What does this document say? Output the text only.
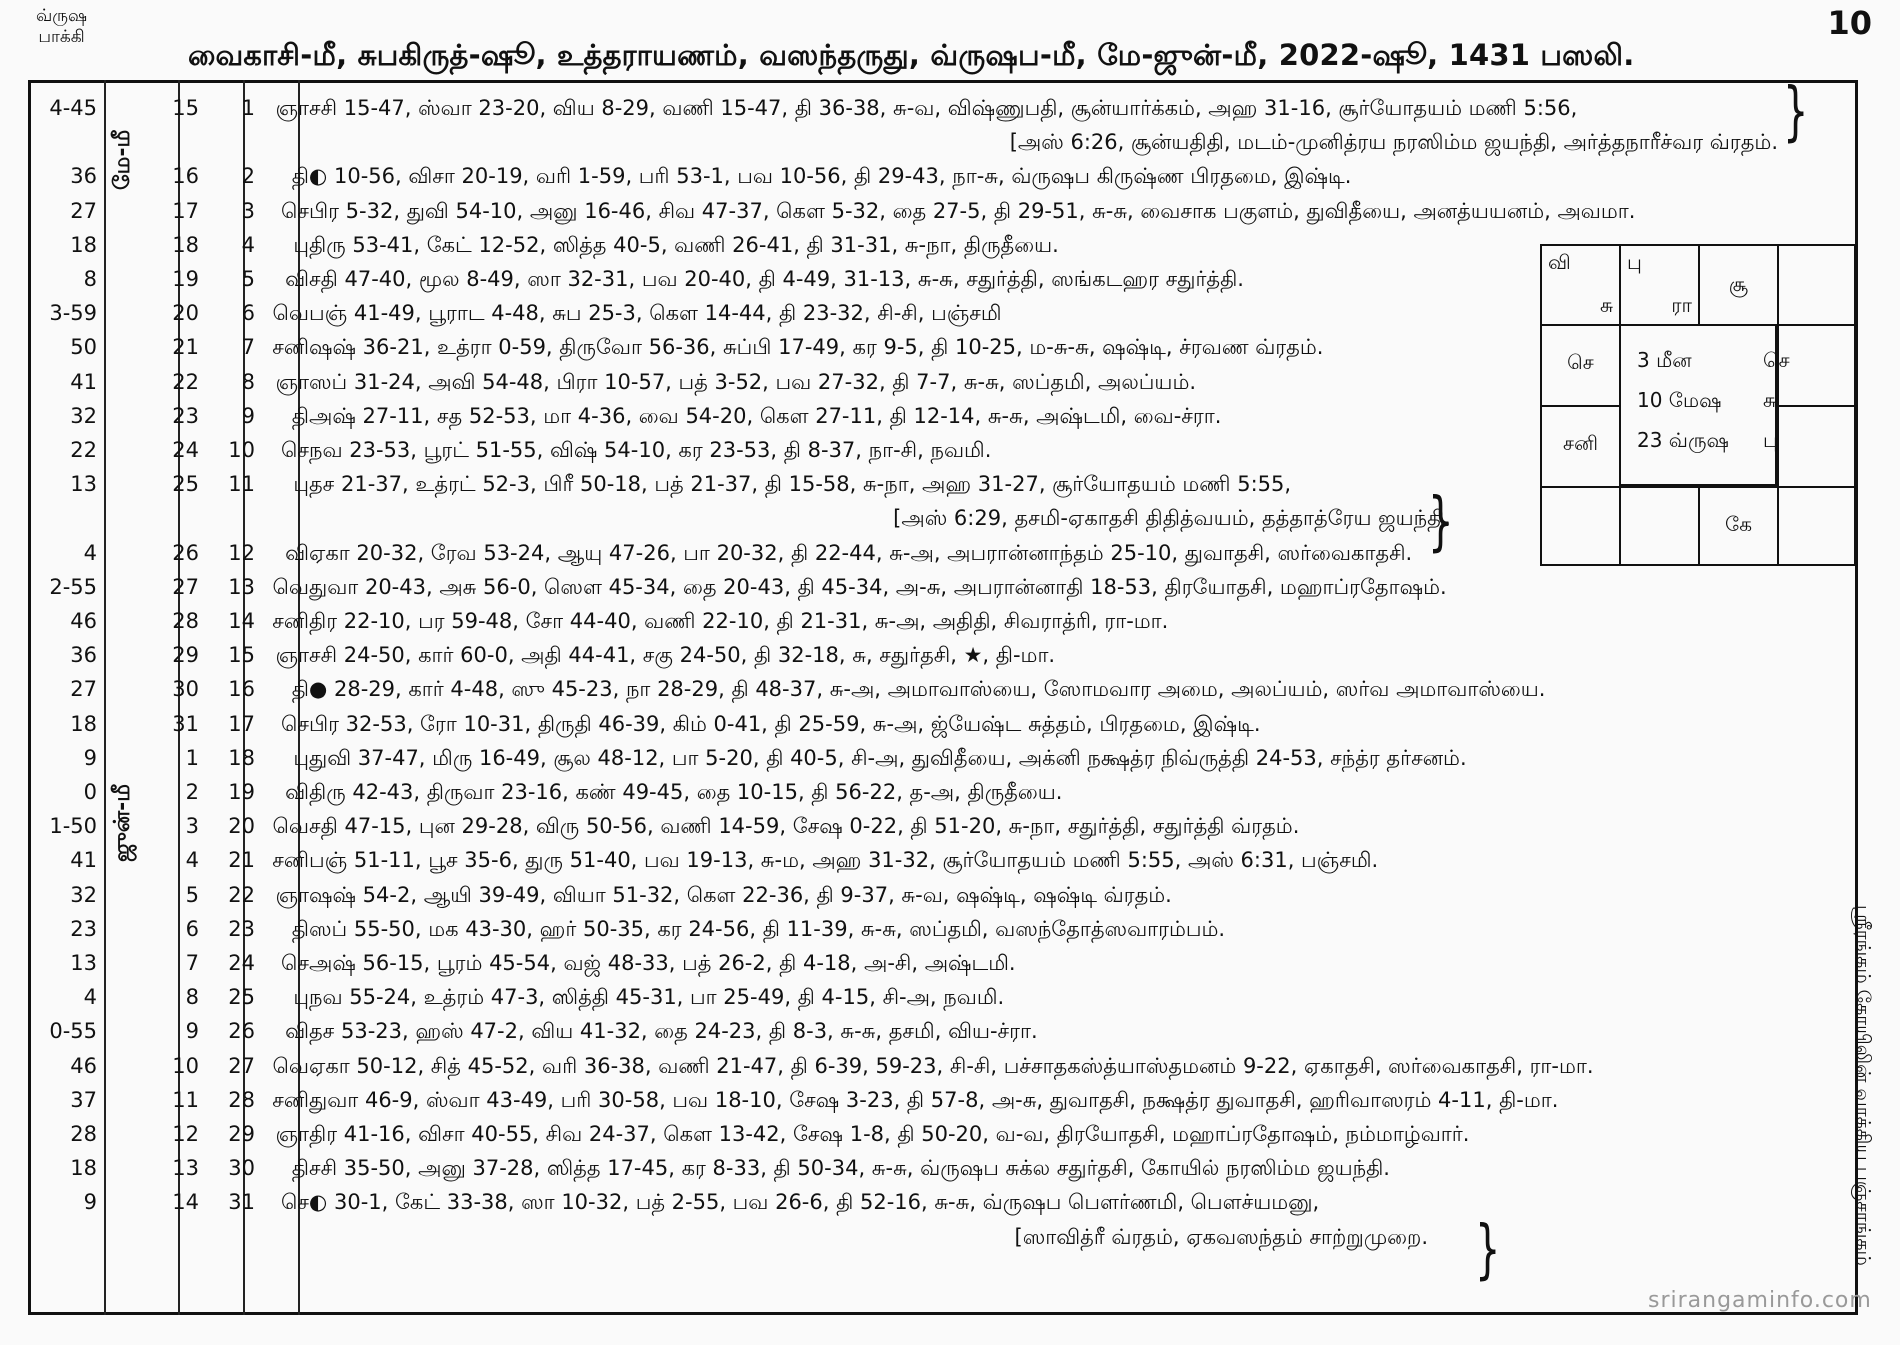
வ்ருஷ
பாக்கி
வைகாசி-மீ, சுபகிருத்-ஷூ, உத்தராயணம், வஸந்தருது, வ்ருஷப-மீ, மே-ஜுன்-மீ, 2022-ஷூ, 1431 பஸலி.
10
மே-மீ
ஜுன்-மீ
4-45	15	1 ஞா சசி 15-47, ஸ்வா 23-20, விய 8-29, வணி 15-47, தி 36-38, சு-வ, விஷ்ணுபதி, சூன்யார்க்கம், அஹ 31-16, சூர்யோதயம் மணி 5:56,
[அஸ் 6:26, சூன்யதிதி, மடம்-முனித்ரய நரஸிம்ம ஜயந்தி, அர்த்தநாரீச்வர வ்ரதம்.
36	16	2	தி ◐ 10-56, விசா 20-19, வரி 1-59, பரி 53-1, பவ 10-56, தி 29-43, நா-சு, வ்ருஷப கிருஷ்ண பிரதமை, இஷ்டி.
27	17	3	செ பிர 5-32, துவி 54-10, அனு 16-46, சிவ 47-37, கௌ 5-32, தை 27-5, தி 29-51, சு-சு, வைசாக பகுளம், துவிதீயை, அனத்யயனம், அவமா.
18	18	4	பு திரு 53-41, கேட் 12-52, ஸித்த 40-5, வணி 26-41, தி 31-31, சு-நா, திருதீயை.
8	19	5	வி சதி 47-40, மூல 8-49, ஸா 32-31, பவ 20-40, தி 4-49, 31-13, சு-சு, சதுர்த்தி, ஸங்கடஹர சதுர்த்தி.
3-59	20	6 வெ பஞ் 41-49, பூராட 4-48, சுப 25-3, கௌ 14-44, தி 23-32, சி-சி, பஞ்சமி
50	21	7 சனி ஷஷ் 36-21, உத்ரா 0-59, திருவோ 56-36, சுப்பி 17-49, கர 9-5, தி 10-25, ம-சு-சு, ஷஷ்டி, ச்ரவண வ்ரதம்.
41	22	8 ஞா ஸப் 31-24, அவி 54-48, பிரா 10-57, பத் 3-52, பவ 27-32, தி 7-7, சு-சு, ஸப்தமி, அலப்யம்.
32	23	9	தி அஷ் 27-11, சத 52-53, மா 4-36, வை 54-20, கௌ 27-11, தி 12-14, சு-சு, அஷ்டமி, வை-ச்ரா.
22	24	10	செ நவ 23-53, பூரட் 51-55, விஷ் 54-10, கர 23-53, தி 8-37, நா-சி, நவமி.
13	25	11	பு தச 21-37, உத்ரட் 52-3, பிரீ 50-18, பத் 21-37, தி 15-58, சு-நா, அஹ 31-27, சூர்யோதயம் மணி 5:55,
[அஸ் 6:29, தசமி-ஏகாதசி திதித்வயம், தத்தாத்ரேய ஜயந்தி.
4	26	12	வி ஏகா 20-32, ரேவ 53-24, ஆயு 47-26, பா 20-32, தி 22-44, சு-அ, அபரான்னாந்தம் 25-10, துவாதசி, ஸர்வைகாதசி.
2-55	27	13 வெ துவா 20-43, அசு 56-0, ஸௌ 45-34, தை 20-43, தி 45-34, அ-சு, அபரான்னாதி 18-53, திரயோதசி, மஹாப்ரதோஷம்.
46	28	14 சனி திர 22-10, பர 59-48, சோ 44-40, வணி 22-10, தி 21-31, சு-அ, அதிதி, சிவராத்ரி, ரா-மா.
36	29	15 ஞா சசி 24-50, கார் 60-0, அதி 44-41, சகு 24-50, தி 32-18, சு, சதுர்தசி, ★, தி-மா.
27	30	16	தி ● 28-29, கார் 4-48, ஸு 45-23, நா 28-29, தி 48-37, சு-அ, அமாவாஸ்யை, ஸோமவார அமை, அலப்யம், ஸர்வ அமாவாஸ்யை.
18	31	17	செ பிர 32-53, ரோ 10-31, திருதி 46-39, கிம் 0-41, தி 25-59, சு-அ, ஜ்யேஷ்ட சுத்தம், பிரதமை, இஷ்டி.
9	1	18	பு துவி 37-47, மிரு 16-49, சூல 48-12, பா 5-20, தி 40-5, சி-அ, துவிதீயை, அக்னி நக்ஷத்ர நிவ்ருத்தி 24-53, சந்த்ர தர்சனம்.
0	2	19	வி திரு 42-43, திருவா 23-16, கண் 49-45, தை 10-15, தி 56-22, த-அ, திருதீயை.
1-50	3	20 வெ சதி 47-15, புன 29-28, விரு 50-56, வணி 14-59, சேஷ 0-22, தி 51-20, சு-நா, சதுர்த்தி, சதுர்த்தி வ்ரதம்.
41	4	21 சனி பஞ் 51-11, பூச 35-6, துரு 51-40, பவ 19-13, சு-ம, அஹ 31-32, சூர்யோதயம் மணி 5:55, அஸ் 6:31, பஞ்சமி.
32	5	22 ஞா ஷஷ் 54-2, ஆயி 39-49, வியா 51-32, கௌ 22-36, தி 9-37, சு-வ, ஷஷ்டி, ஷஷ்டி வ்ரதம்.
23	6	23	தி ஸப் 55-50, மக 43-30, ஹர் 50-35, கர 24-56, தி 11-39, சு-சு, ஸப்தமி, வஸந்தோத்ஸவாரம்பம்.
13	7	24	செ அஷ் 56-15, பூரம் 45-54, வஜ் 48-33, பத் 26-2, தி 4-18, அ-சி, அஷ்டமி.
4	8	25	பு நவ 55-24, உத்ரம் 47-3, ஸித்தி 45-31, பா 25-49, தி 4-15, சி-அ, நவமி.
0-55	9	26	வி தச 53-23, ஹஸ் 47-2, விய 41-32, தை 24-23, தி 8-3, சு-சு, தசமி, விய-ச்ரா.
46	10	27 வெ ஏகா 50-12, சித் 45-52, வரி 36-38, வணி 21-47, தி 6-39, 59-23, சி-சி, பச்சாதகஸ்த்யாஸ்தமனம் 9-22, ஏகாதசி, ஸர்வைகாதசி, ரா-மா.
37	11	28 சனி துவா 46-9, ஸ்வா 43-49, பரி 30-58, பவ 18-10, சேஷ 3-23, தி 57-8, அ-சு, துவாதசி, நக்ஷத்ர துவாதசி, ஹரிவாஸரம் 4-11, தி-மா.
28	12	29 ஞா திர 41-16, விசா 40-55, சிவ 24-37, கௌ 13-42, சேஷ 1-8, தி 50-20, வ-வ, திரயோதசி, மஹாப்ரதோஷம், நம்மாழ்வார்.
18	13	30	தி சசி 35-50, அனு 37-28, ஸித்த 17-45, கர 8-33, தி 50-34, சு-சு, வ்ருஷப சுக்ல சதுர்தசி, கோயில் நரஸிம்ம ஜயந்தி.
9	14	31	செ ◐ 30-1, கேட் 33-38, ஸா 10-32, பத் 2-55, பவ 26-6, தி 52-16, சு-சு, வ்ருஷப பௌர்ணமி, பௌச்யமனு,
[ஸாவித்ரீ வ்ரதம், ஏகவஸந்தம் சாற்றுமுறை.
}
}
}
வி
சு
பு
ரா
சூ
செ
சனி
கே
3 மீன	செ
10 மேஷ சு
23 வ்ருஷ பு
ஸ்ரீரங்கம் கோயிலின் வாக்கிய பஞ்சாங்கம்
srirangaminfo.com
